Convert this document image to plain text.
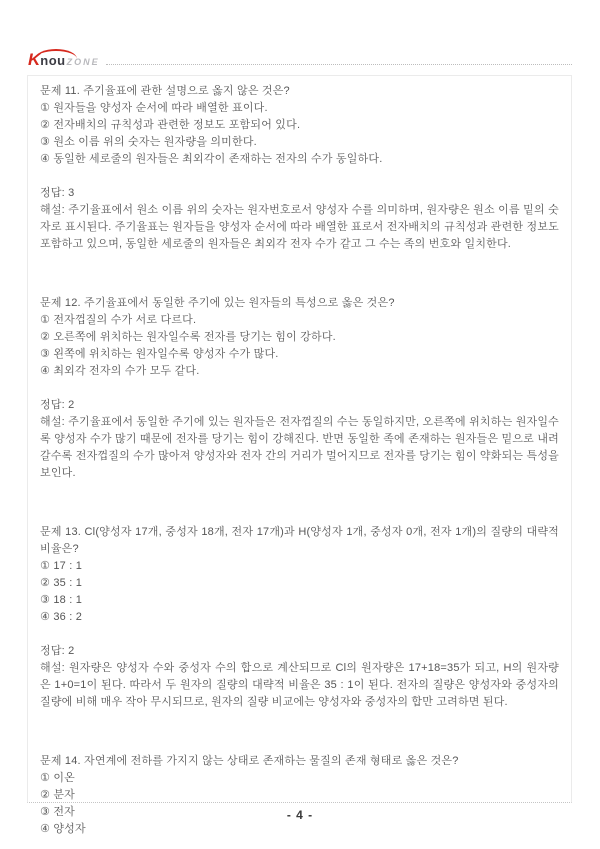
K nou ZONE

문제 11. 주기율표에 관한 설명으로 옳지 않은 것은?

① 원자들을 양성자 순서에 따라 배열한 표이다.
② 전자배치의 규칙성과 관련한 정보도 포함되어 있다.
③ 원소 이름 위의 숫자는 원자량을 의미한다.
④ 동일한 세로줄의 원자들은 최외각이 존재하는 전자의 수가 동일하다.

정답: 3

해설: 주기율표에서 원소 이름 위의 숫자는 원자번호로서 양성자 수를 의미하며, 원자량은 원소 이름 밑의 숫자로 표시된다. 주기율표는 원자들을 양성자 순서에 따라 배열한 표로서 전자배치의 규칙성과 관련한 정보도 포함하고 있으며, 동일한 세로줄의 원자들은 최외각 전자 수가 같고 그 수는 족의 번호와 일치한다.

문제 12. 주기율표에서 동일한 주기에 있는 원자들의 특성으로 옳은 것은?

① 전자껍질의 수가 서로 다르다.
② 오른쪽에 위치하는 원자일수록 전자를 당기는 힘이 강하다.
③ 왼쪽에 위치하는 원자일수록 양성자 수가 많다.
④ 최외각 전자의 수가 모두 같다.

정답: 2

해설: 주기율표에서 동일한 주기에 있는 원자들은 전자껍질의 수는 동일하지만, 오른쪽에 위치하는 원자일수록 양성자 수가 많기 때문에 전자를 당기는 힘이 강해진다. 반면 동일한 족에 존재하는 원자들은 밑으로 내려갈수록 전자껍질의 수가 많아져 양성자와 전자 간의 거리가 멀어지므로 전자를 당기는 힘이 약화되는 특성을 보인다.

문제 13. Cl(양성자 17개, 중성자 18개, 전자 17개)과 H(양성자 1개, 중성자 0개, 전자 1개)의 질량의 대략적 비율은?

① 17 : 1
② 35 : 1
③ 18 : 1
④ 36 : 2

정답: 2

해설: 원자량은 양성자 수와 중성자 수의 합으로 계산되므로 Cl의 원자량은 17+18=35가 되고, H의 원자량은 1+0=1이 된다. 따라서 두 원자의 질량의 대략적 비율은 35 : 1이 된다. 전자의 질량은 양성자와 중성자의 질량에 비해 매우 작아 무시되므로, 원자의 질량 비교에는 양성자와 중성자의 합만 고려하면 된다.

문제 14. 자연계에 전하를 가지지 않는 상태로 존재하는 물질의 존재 형태로 옳은 것은?

① 이온
② 분자
③ 전자
④ 양성자
- 4 -
